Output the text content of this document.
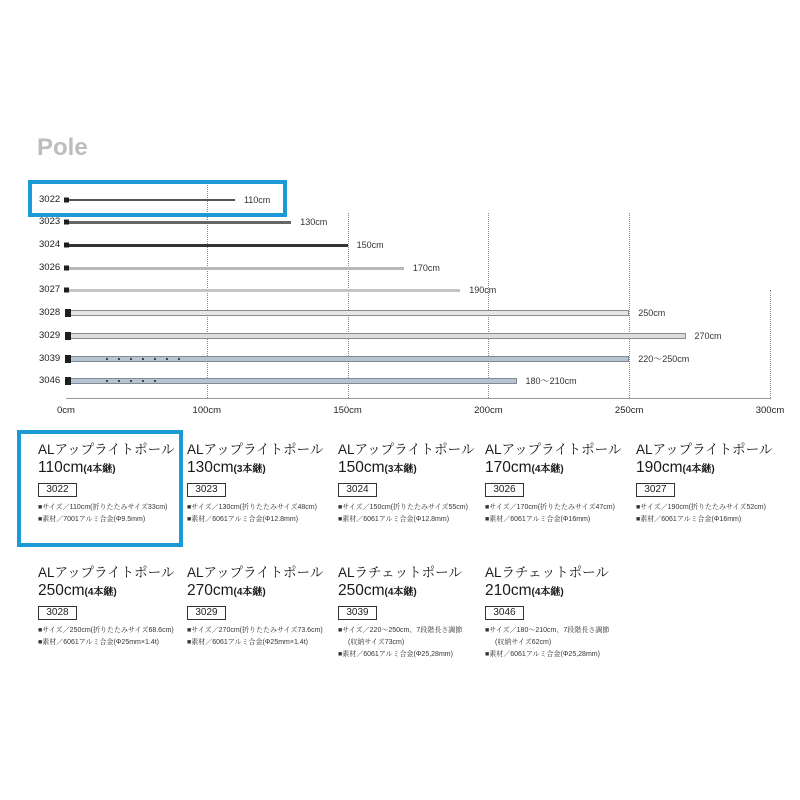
Pole
3022	110cm
3023	130cm
3024	150cm
3026	170cm
3027	190cm
3028	250cm
3029	270cm
3039	220～250cm
3046	180～210cm
0cm	100cm	150cm	200cm	250cm	300cm
ALアップライトポール
110cm(4本継)
3022
■サイズ／110cm(折りたたみサイズ33cm)
■素材／7001アルミ合金(Φ9.5mm)
ALアップライトポール
130cm(3本継)
3023
■サイズ／130cm(折りたたみサイズ48cm)
■素材／6061アルミ合金(Φ12.8mm)
ALアップライトポール
150cm(3本継)
3024
■サイズ／150cm(折りたたみサイズ55cm)
■素材／6061アルミ合金(Φ12.8mm)
ALアップライトポール
170cm(4本継)
3026
■サイズ／170cm(折りたたみサイズ47cm)
■素材／6061アルミ合金(Φ16mm)
ALアップライトポール
190cm(4本継)
3027
■サイズ／190cm(折りたたみサイズ52cm)
■素材／6061アルミ合金(Φ16mm)
ALアップライトポール
250cm(4本継)
3028
■サイズ／250cm(折りたたみサイズ68.6cm)
■素材／6061アルミ合金(Φ25mm×1.4t)
ALアップライトポール
270cm(4本継)
3029
■サイズ／270cm(折りたたみサイズ73.6cm)
■素材／6061アルミ合金(Φ25mm×1.4t)
ALラチェットポール
250cm(4本継)
3039
■サイズ／220～250cm、7段階長さ調節
(収納サイズ73cm)
■素材／6061アルミ合金(Φ25,28mm)
ALラチェットポール
210cm(4本継)
3046
■サイズ／180～210cm、7段階長さ調節
(収納サイズ62cm)
■素材／6061アルミ合金(Φ25,28mm)
